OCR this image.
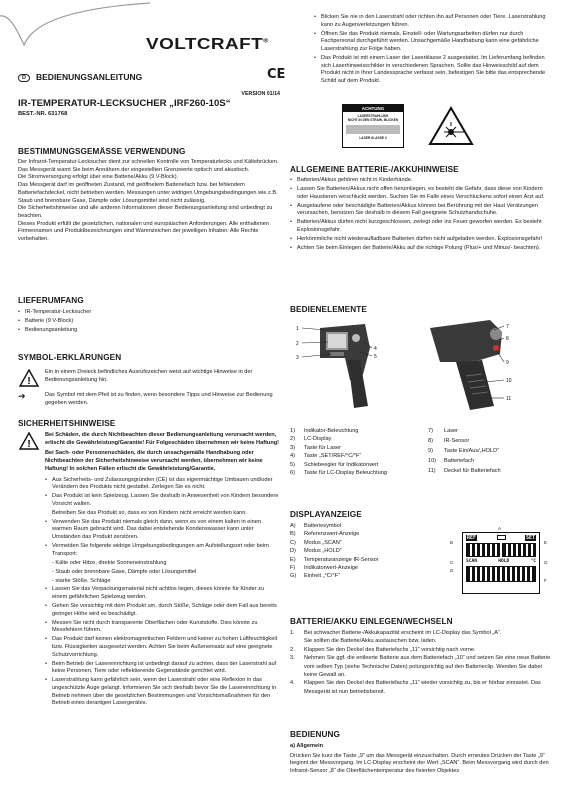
VOLTCRAFT®
D BEDIENUNGSANLEITUNG	CE
VERSION 01/14
IR-TEMPERATUR-LECKSUCHER „IRF260-10S“
BEST.-NR. 631768
BESTIMMUNGSGEMÄSSE VERWENDUNG

Der Infrarot-Temperatur-Lecksucher dient zur schnellen Kontrolle von Temperaturlecks und Kältebrücken. Das Messgerät warnt Sie beim Annähern der eingestellten Grenzwerte optisch und akustisch.

Die Stromversorgung erfolgt über eine Batterie/Akku (9 V-Block).

Das Messgerät darf im geöffneten Zustand, mit geöffnetem Batteriefach bzw. bei fehlendem Batteriefachdeckel, nicht betrieben werden. Messungen unter widrigen Umgebungsbedingungen wie z.B. Staub und brennbare Gase, Dämpfe oder Lösungsmittel sind nicht zulässig.

Die Sicherheitshinweise und alle anderen Informationen dieser Bedienungsanleitung sind unbedingt zu beachten.

Dieses Produkt erfüllt die gesetzlichen, nationalen und europäischen Anforderungen. Alle enthaltenen Firmennamen und Produktbezeichnungen sind Warenzeichen der jeweiligen Inhaber. Alle Rechte vorbehalten.

LIEFERUMFANG
• IR-Temperatur-Lecksucher
• Batterie (9 V-Block)
• Bedienungsanleitung
SYMBOL-ERKLÄRUNGEN
!
Ein in einem Dreieck befindliches Ausrufezeichen weist auf wichtige Hinweise in der Bedienungsanleitung hin.
➔	Das Symbol mit dem Pfeil ist zu finden, wenn besondere Tipps und Hinweise zur Bedienung gegeben werden.
SICHERHEITSHINWEISE
!

Bei Schäden, die durch Nichtbeachten dieser Bedienungsanleitung verursacht werden, erlischt die Gewährleistung/Garantie! Für Folgeschäden übernehmen wir keine Haftung!

Bei Sach- oder Personenschäden, die durch unsachgemäße Handhabung oder Nichtbeachten der Sicherheitshinweise verursacht werden, übernehmen wir keine Haftung! In solchen Fällen erlischt die Gewährleistung/Garantie.

• Aus Sicherheits- und Zulassungsgründen (CE) ist das eigenmächtige Umbauen und/oder Verändern des Produkts nicht gestattet. Zerlegen Sie es nicht.
• Das Produkt ist kein Spielzeug. Lassen Sie deshalb in Anwesenheit von Kindern besondere Vorsicht walten.
Betreiben Sie das Produkt so, dass es von Kindern nicht erreicht werden kann.
• Verwenden Sie das Produkt niemals gleich dann, wenn es von einem kalten in einen warmen Raum gebracht wird. Das dabei entstehende Kondenswasser kann unter Umständen das Produkt zerstören.
• Vermeiden Sie folgende widrige Umgebungsbedingungen am Aufstellungsort oder beim Transport:
- Kälte oder Hitze, direkte Sonneneinstrahlung
- Staub oder brennbare Gase, Dämpfe oder Lösungsmittel
- starke Stöße, Schläge
• Lassen Sie das Verpackungsmaterial nicht achtlos liegen, dieses könnte für Kinder zu einem gefährlichen Spielzeug werden.
• Gehen Sie vorsichtig mit dem Produkt um, durch Stöße, Schläge oder dem Fall aus bereits geringer Höhe wird es beschädigt.
• Messen Sie nicht durch transparente Oberflächen oder Kunststoffe. Dies könnte zu Messfehlern führen.
• Das Produkt darf keinen elektromagnetischen Feldern und keiner zu hohen Luftfeuchtigkeit bzw. Flüssigkeiten ausgesetzt werden. Achten Sie beim Außeneinsatz auf eine geeignete Schutzvorrichtung.
• Beim Betrieb der Lasereinrichtung ist unbedingt darauf zu achten, dass der Laserstrahl auf keine Personen, Tiere oder reflektierende Gegenstände gerichtet wird.
• Laserstrahlung kann gefährlich sein, wenn der Laserstrahl oder eine Reflexion in das ungeschützte Auge gelangt. Informieren Sie sich deshalb bevor Sie die Lasereinrichtung in Betrieb nehmen über die gesetzlichen Bestimmungen und Vorsichtsmaßnahmen für den Betrieb eines derartigen Lasergerätes.
• Blicken Sie nie in den Laserstrahl oder richten ihn auf Personen oder Tiere. Laserstrahlung kann zu Augenverletzungen führen.
• Öffnen Sie das Produkt niemals. Einstell- oder Wartungsarbeiten dürfen nur durch Fachpersonal durchgeführt werden. Unsachgemäße Handhabung kann eine gefährliche Laserstrahlung zur Folge haben.
• Das Produkt ist mit einem Laser der Laserklasse 2 ausgestattet. Im Lieferumfang befinden sich Laserhinweisschilder in verschiedenen Sprachen. Sollte das Hinweisschild auf dem Produkt nicht in Ihrer Landessprache verfasst sein, befestigen Sie bitte das entsprechende Schild auf dem Produkt.
ACHTUNG
LASERSTRAHLUNG
NICHT IN DEN STRAHL BLICKEN
LASER KLASSE 2
ALLGEMEINE BATTERIE-/AKKUHINWEISE
• Batterien/Akkus gehören nicht in Kinderhände.
• Lassen Sie Batterien/Akkus nicht offen herumliegen, es besteht die Gefahr, dass diese von Kindern oder Haustieren verschluckt werden. Suchen Sie im Falle eines Verschluckens sofort einen Arzt auf.
• Ausgelaufene oder beschädigte Batterien/Akkus können bei Berührung mit der Haut Verätzungen verursachen, benutzen Sie deshalb in diesem Fall geeignete Schutzhandschuhe.
• Batterien/Akkus dürfen nicht kurzgeschlossen, zerlegt oder ins Feuer geworfen werden. Es besteht Explosionsgefahr.
• Herkömmliche nicht wiederaufladbare Batterien dürfen nicht aufgeladen werden. Explosionsgefahr!
• Achten Sie beim Einlegen der Batterie/Akku auf die richtige Polung (Plus/+ und Minus/- beachten).
BEDIENELEMENTE
1
2
3
4
5
7
8
9
10
11
1)	Indikator-Beleuchtung
2)	LC-Display
3)	Taste für Laser
4)	Taste „SET/REF/°C/°F“
5)	Schiebeegler für Indikatorwert
6)	Taste für LC-Display Beleuchtung
7)	Laser
8)	IR-Sensor
9)	Taste Ein/Aus/„HOLD“
10)	Batteriefach
11)	Deckel für Batteriefach
DISPLAYANZEIGE
A)	Batteriesymbol
B)	Referenzwert-Anzeige
C)	Modus „SCAN“
D)	Modus „HOLD“
E)	Temperaturanzeige IR-Sensor
F)	Indikatorwert-Anzeige
G)	Einheit „°C/°F“
REF	SET
SCAN	HOLD	°C
A
B
C
D
E
F
G
BATTERIE/AKKU EINLEGEN/WECHSELN
1.	Bei schwacher Batterie-/Akkukapazität erscheint im LC-Display das Symbol „A“.
	Sie sollten die Batterie/Akku austauschen bzw. laden.
2.	Klappen Sie den Deckel des Batteriefachs „11“ vorsichtig nach vorne.
3.	Nehmen Sie ggf. die entleerte Batterie aus dem Batteriefach „10“ und setzen Sie eine neue Batterie vom selben Typ (siehe Technische Daten) polungsrichtig auf den Batterieclip. Wenden Sie dabei keine Gewalt an.
4.	Klappen Sie den Deckel des Batteriefachs „11“ wieder vorsichtig zu, bis er hörbar einrastet. Das Messgerät ist nun betriebsbereit.
BEDIENUNG
a) Allgemein

Drücken Sie kurz die Taste „9“ um das Messgerät einzuschalten. Durch erneutes Drücken der Taste „9“ beginnt der Messvorgang. Im LC-Display erscheint der Wert „SCAN“. Beim Messvorgang wird durch den Infrarot-Sensor „8“ die Oberflächentemperatur des fixierten Objektes
